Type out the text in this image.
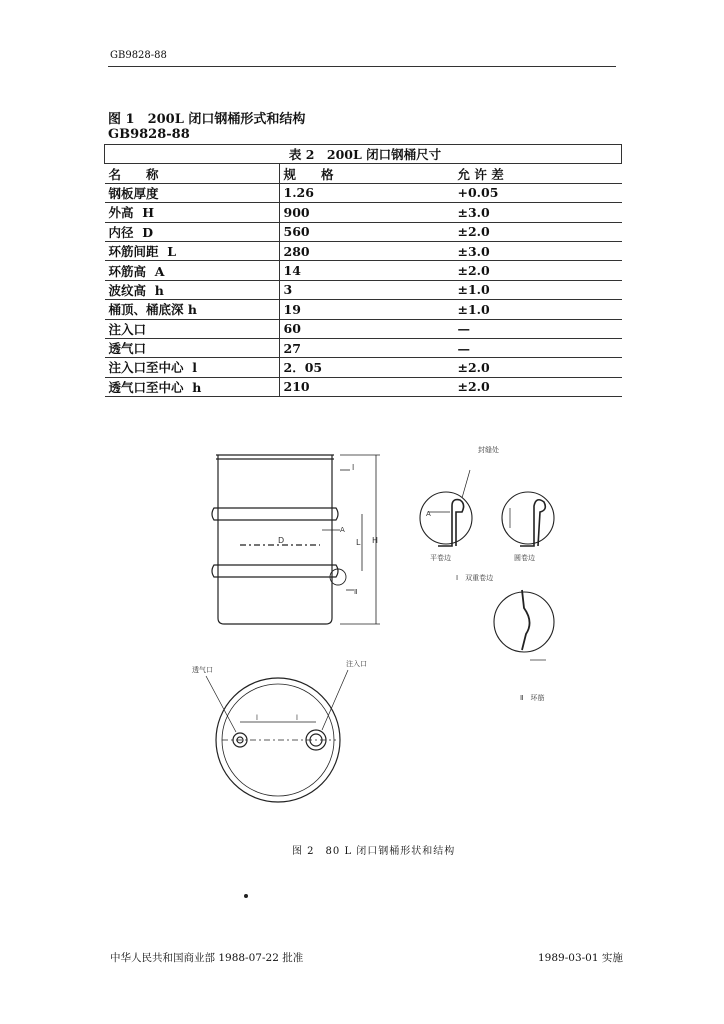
GB9828-88
图 1　200L 闭口钢桶形式和结构
GB9828-88
表 2　200L 闭口钢桶尺寸		
名　　称	规　　格	允 许 差
钢板厚度	1.26	+0.05
外高  H	900	±3.0
内径  D	560	±2.0
环筋间距  L	280	±3.0
环筋高  A	14	±2.0
波纹高  h	3	±1.0
桶顶、桶底深 h	19	±1.0
注入口	60	—
透气口	27	—
注入口至中心  l	2．05	±2.0
透气口至中心  h	210	±2.0
l
H
L
D
A
Ⅱ
封缝处
平卷边	圆卷边
Ⅰ　双重卷边
A
Ⅱ　环筋
透气口
注入口
l	l
图 2　80 L 闭口钢桶形状和结构
中华人民共和国商业部 1988-07-22 批准	1989-03-01 实施
